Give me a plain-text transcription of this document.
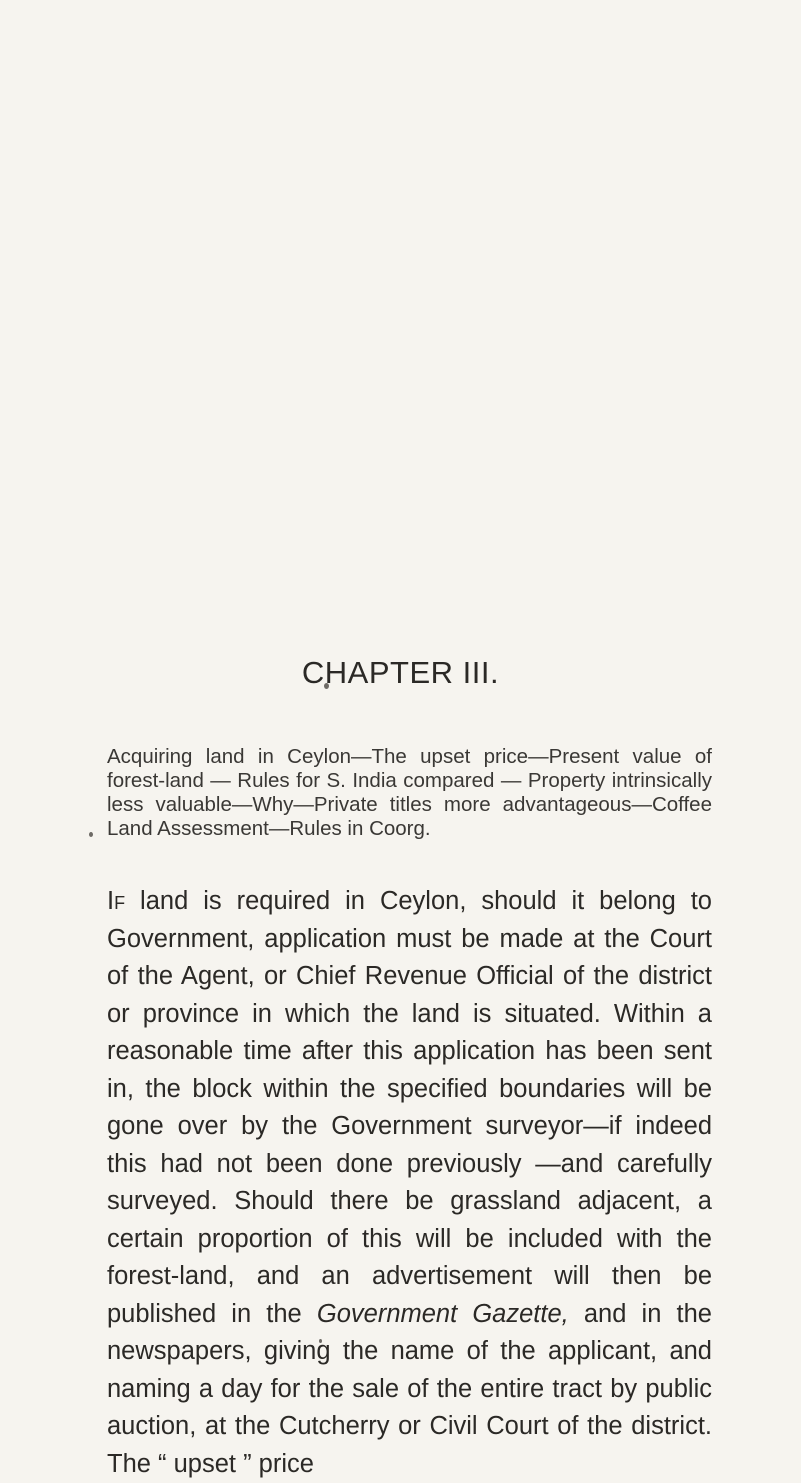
CHAPTER III.

Acquiring land in Ceylon—The upset price—Present value of forest-land — Rules for S. India compared — Property intrinsically less valuable—Why—Private titles more advantageous—Coffee Land Assessment—Rules in Coorg.

If land is required in Ceylon, should it belong to Government, application must be made at the Court of the Agent, or Chief Revenue Official of the district or province in which the land is situated. Within a reasonable time after this application has been sent in, the block within the specified boundaries will be gone over by the Government surveyor—if indeed this had not been done previously —and carefully surveyed. Should there be grassland adjacent, a certain proportion of this will be included with the forest-land, and an advertisement will then be published in the Government Gazette, and in the newspapers, giving the name of the applicant, and naming a day for the sale of the entire tract by public auction, at the Cutcherry or Civil Court of the district. The “ upset ” price
